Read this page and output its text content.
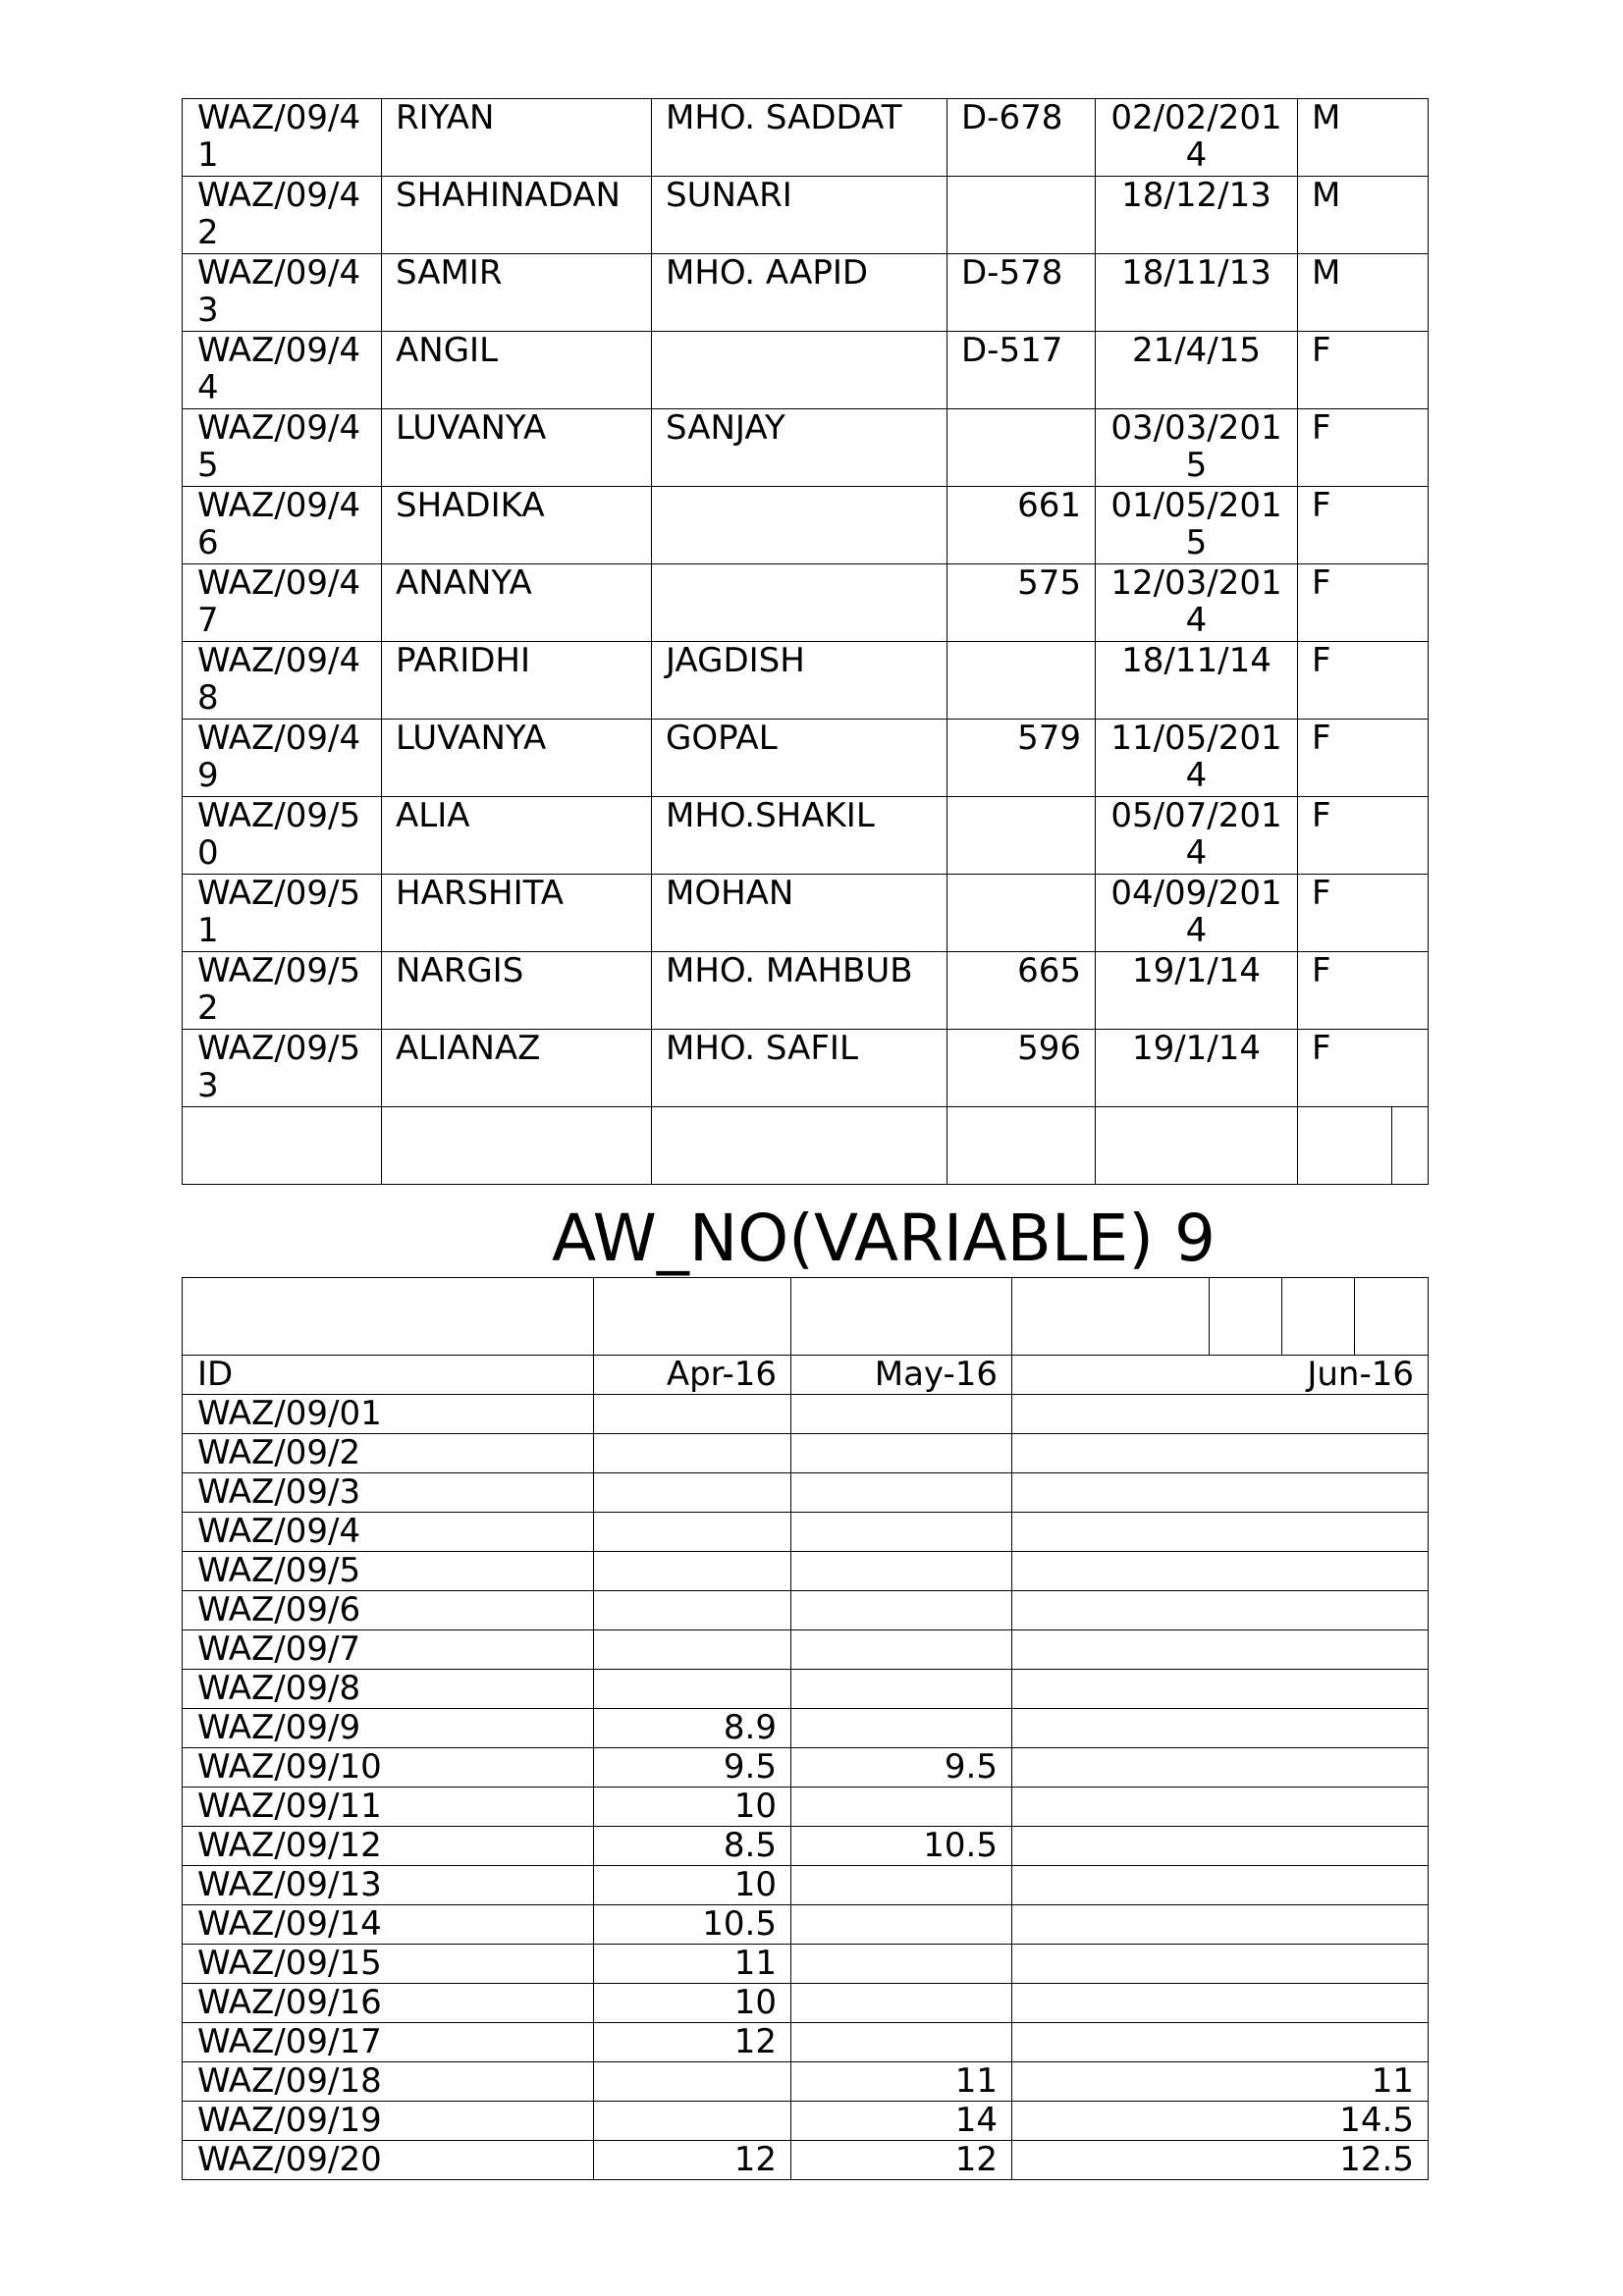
WAZ/09/41	RIYAN	MHO. SADDAT	D-678	02/02/2014	M	

WAZ/09/42	SHAHINADAN	SUNARI		18/12/13	M	

WAZ/09/43	SAMIR	MHO. AAPID	D-578	18/11/13	M	

WAZ/09/44	ANGIL		D-517	21/4/15	F	

WAZ/09/45	LUVANYA	SANJAY		03/03/2015	F	

WAZ/09/46	SHADIKA		661	01/05/2015	F	

WAZ/09/47	ANANYA		575	12/03/2014	F	

WAZ/09/48	PARIDHI	JAGDISH		18/11/14	F	

WAZ/09/49	LUVANYA	GOPAL	579	11/05/2014	F	

WAZ/09/50	ALIA	MHO.SHAKIL		05/07/2014	F	

WAZ/09/51	HARSHITA	MOHAN		04/09/2014	F	

WAZ/09/52	NARGIS	MHO. MAHBUB	665	19/1/14	F	

WAZ/09/53	ALIANAZ	MHO. SAFIL	596	19/1/14	F	

AW_NO(VARIABLE) 9

ID	Apr-16	May-16	Jun-16

WAZ/09/01			

WAZ/09/2			

WAZ/09/3			

WAZ/09/4			

WAZ/09/5			

WAZ/09/6			

WAZ/09/7			

WAZ/09/8			

WAZ/09/9	8.9		

WAZ/09/10	9.5	9.5	

WAZ/09/11	10		

WAZ/09/12	8.5	10.5	

WAZ/09/13	10		

WAZ/09/14	10.5		

WAZ/09/15	11		

WAZ/09/16	10		

WAZ/09/17	12		

WAZ/09/18		11	11

WAZ/09/19		14	14.5

WAZ/09/20	12	12	12.5
